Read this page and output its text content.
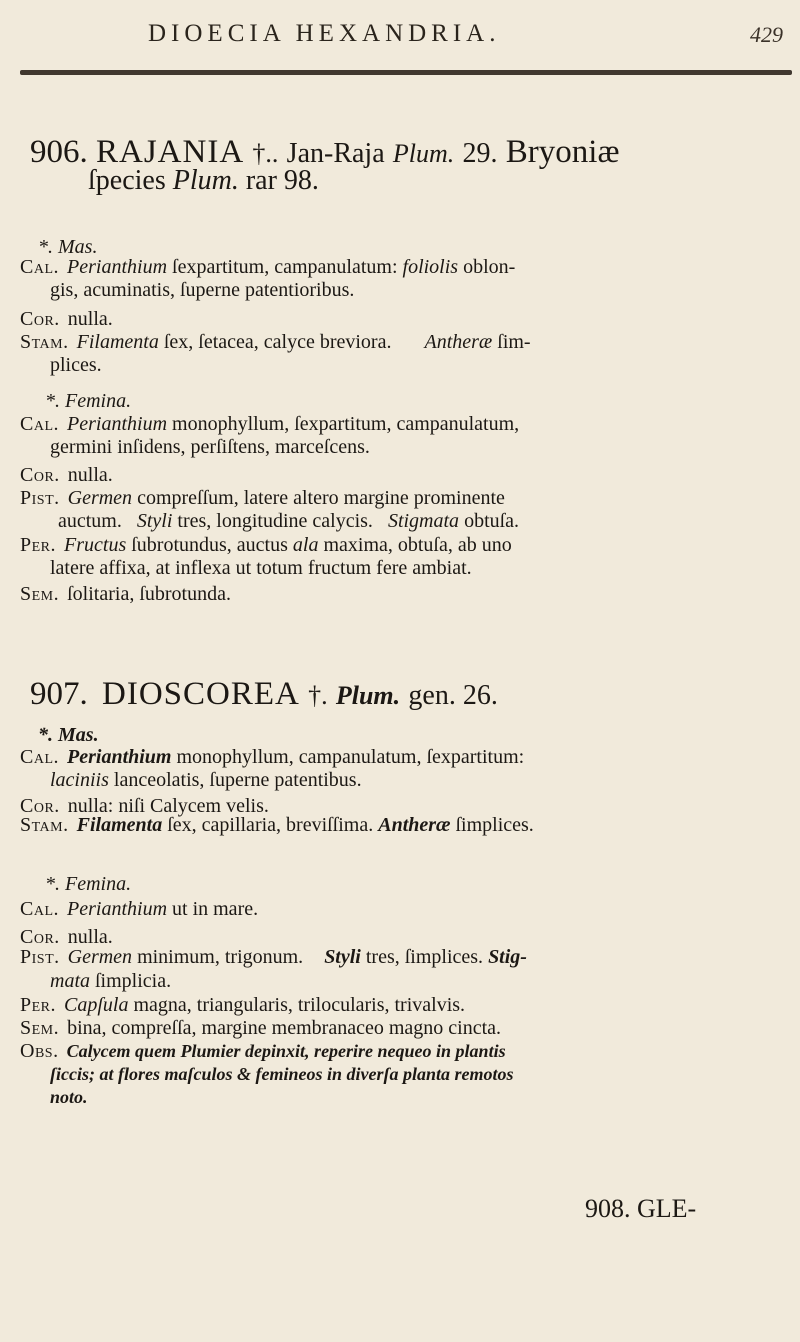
DIOECIA HEXANDRIA.	429
906. RAJANIA †.. Jan-Raja Plum. 29. Bryoniæ
ſpecies Plum. rar 98.
*. Mas.
Cal. Perianthium ſexpartitum, campanulatum: foliolis oblon-
gis, acuminatis, ſuperne patentioribus.
Cor. nulla.
Stam. Filamenta ſex, ſetacea, calyce breviora. Antheræ ſim-
plices.
*. Femina.
Cal. Perianthium monophyllum, ſexpartitum, campanulatum,
germini inſidens, perſiſtens, marceſcens.
Cor. nulla.
Pist. Germen compreſſum, latere altero margine prominente
auctum. Styli tres, longitudine calycis. Stigmata obtuſa.
Per. Fructus ſubrotundus, auctus ala maxima, obtuſa, ab uno
latere affixa, at inflexa ut totum fructum fere ambiat.
Sem. ſolitaria, ſubrotunda.
907. DIOSCOREA †. Plum. gen. 26.
*. Mas.
Cal. Perianthium monophyllum, campanulatum, ſexpartitum:
laciniis lanceolatis, ſuperne patentibus.
Cor. nulla: niſi Calycem velis.
Stam. Filamenta ſex, capillaria, breviſſima. Antheræ ſimplices.
*. Femina.
Cal. Perianthium ut in mare.
Cor. nulla.
Pist. Germen minimum, trigonum. Styli tres, ſimplices. Stig-
mata ſimplicia.
Per. Capſula magna, triangularis, trilocularis, trivalvis.
Sem. bina, compreſſa, margine membranaceo magno cincta.
Obs. Calycem quem Plumier depinxit, reperire nequeo in plantis
ſiccis; at flores maſculos & femineos in diverſa planta remotos
noto.
908. GLE-
